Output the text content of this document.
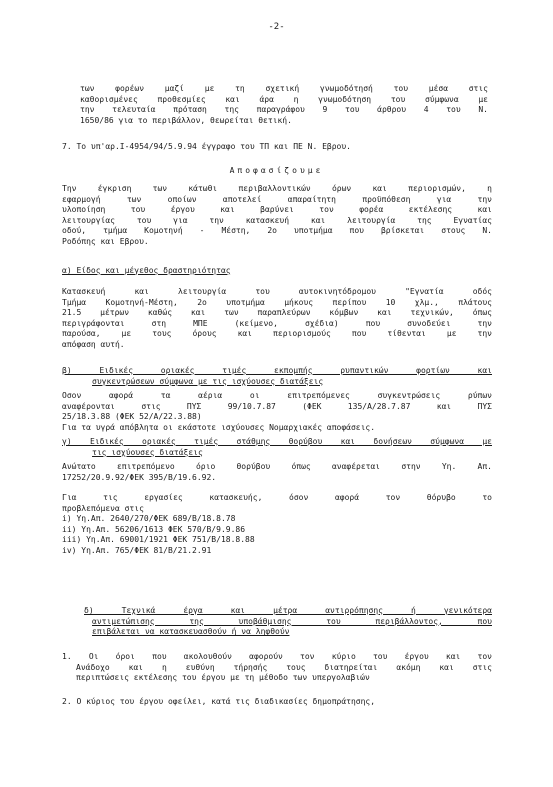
-2-
των φορέων μαζί με τη σχετική γνωμοδότησή του μέσα στις
καθορισμένες προθεσμίες και άρα η γνωμοδότηση του σύμφωνα με
την τελευταία πρόταση της παραγράφου 9 του άρθρου 4 του Ν.
1650/86 για το περιβάλλον, θεωρείται θετική.
7. Το υπ'αρ.Ι-4954/94/5.9.94 έγγραφο του ΤΠ και ΠΕ Ν. Εβρου.
Αποφασίζουμε
Την έγκριση των κάτωθι περιβαλλοντικών όρων και περιορισμών, η
εφαρμογή των οποίων αποτελεί απαραίτητη προϋπόθεση για την
υλοποίηση του έργου και βαρύνει τον φορέα εκτέλεσης και
λειτουργίας του για την κατασκευή και λειτουργία της Εγνατίας
οδού, τμήμα Κομοτηνή - Μέστη, 2ο υποτμήμα που βρίσκεται στους Ν.
Ροδόπης και Εβρου.
α) Είδος και μέγεθος δραστηριότητας
Κατασκευή και λειτουργία του αυτοκινητόδρομου "Εγνατία οδός
Τμήμα Κομοτηνή-Μέστη, 2ο υποτμήμα μήκους περίπου 10 χλμ., πλάτους
21.5 μέτρων καθώς και των παραπλεύρων κόμβων και τεχνικών, όπως
περιγράφονται στη ΜΠΕ (κείμενο, σχέδια) που συνοδεύει την
παρούσα, με τους όρους και περιορισμούς που τίθενται με την
απόφαση αυτή.
β) Ειδικές οριακές τιμές εκπομπής ρυπαντικών φορτίων και
συγκεντρώσεων σύμφωνα με τις ισχύουσες διατάξεις
Οσον αφορά τα αέρια οι επιτρεπόμενες συγκεντρώσεις ρύπων
αναφέρονται στις ΠΥΣ 99/10.7.87 (ΦΕΚ 135/Α/28.7.87 και ΠΥΣ
25/18.3.88 (ΦΕΚ 52/Α/22.3.88)
Για τα υγρά απόβλητα οι εκάστοτε ισχύουσες Νομαρχιακές αποφάσεις.
γ) Ειδικές οριακές τιμές στάθμης θορύβου και δονήσεων σύμφωνα με
τις ισχύουσες διατάξεις
Ανώτατο επιτρεπόμενο όριο θορύβου όπως αναφέρεται στην Υη. Απ.
17252/20.9.92/ΦΕΚ 395/Β/19.6.92.
Για τις εργασίες κατασκευής, όσον αφορά τον θόρυβο το
προβλεπόμενα στις
i) Υη.Απ. 2640/270/ΦΕΚ 689/Β/18.8.78
ii) Υη.Απ. 56206/1613 ΦΕΚ 570/Β/9.9.86
iii) Υη.Απ. 69001/1921 ΦΕΚ 751/Β/18.8.88
iv) Υη.Απ. 765/ΦΕΚ 81/Β/21.2.91
δ) Τεχνικά έργα και μέτρα αντιρρόπησης ή γενικότερα
αντιμετώπισης της υποβάθμισης του περιβάλλοντος, που
επιβάλεται να κατασκευασθούν ή να ληφθούν
1. Οι όροι που ακολουθούν αφορούν τον κύριο του έργου και τον
Ανάδοχο και η ευθύνη τήρησής τους διατηρείται ακόμη και στις
περιπτώσεις εκτέλεσης του έργου με τη μέθοδο των υπεργολαβιών
2. Ο κύριος του έργου οφείλει, κατά τις διαδικασίες δημοπράτησης,
